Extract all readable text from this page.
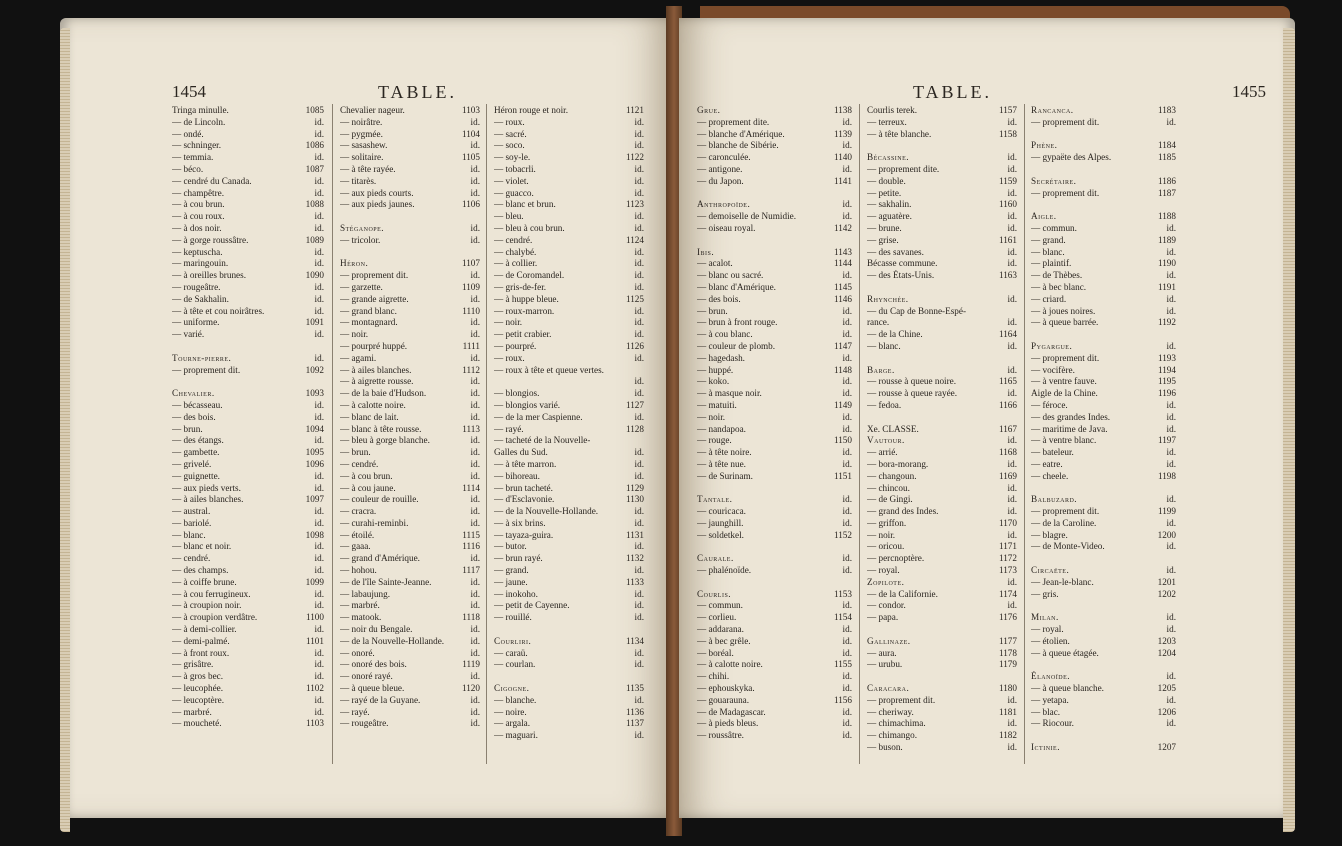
1454	TABLE.
Tringa minulle.	1085
— de Lincoln.	id.
— ondé.	id.
— schninger.	1086
— temmia.	id.
— béco.	1087
— cendré du Canada.	id.
— champêtre.	id.
— à cou brun.	1088
— à cou roux.	id.
— à dos noir.	id.
— à gorge roussâtre.	1089
— keptuscha.	id.
— maringouin.	id.
— à oreilles brunes.	1090
— rougeâtre.	id.
— de Sakhalin.	id.
— à tête et cou noirâtres.	id.
— uniforme.	1091
— varié.	id.
Tourne-pierre.	id.
— proprement dit.	1092
Chevalier.	1093
— bécasseau.	id.
— des bois.	id.
— brun.	1094
— des étangs.	id.
— gambette.	1095
— grivelé.	1096
— guignette.	id.
— aux pieds verts.	id.
— à ailes blanches.	1097
— austral.	id.
— bariolé.	id.
— blanc.	1098
— blanc et noir.	id.
— cendré.	id.
— des champs.	id.
— à coiffe brune.	1099
— à cou ferrugineux.	id.
— à croupion noir.	id.
— à croupion verdâtre.	1100
— à demi-collier.	id.
— demi-palmé.	1101
— à front roux.	id.
— grisâtre.	id.
— à gros bec.	id.
— leucophée.	1102
— leucoptère.	id.
— marbré.	id.
— moucheté.	1103
Chevalier nageur.	1103
— noirâtre.	id.
— pygmée.	1104
— sasashew.	id.
— solitaire.	1105
— à tête rayée.	id.
— titarès.	id.
— aux pieds courts.	id.
— aux pieds jaunes.	1106
Stéganope.	id.
— tricolor.	id.
Héron.	1107
— proprement dit.	id.
— garzette.	1109
— grande aigrette.	id.
— grand blanc.	1110
— montagnard.	id.
— noir.	id.
— pourpré huppé.	1111
— agami.	id.
— à ailes blanches.	1112
— à aigrette rousse.	id.
— de la baie d'Hudson.	id.
— à calotte noire.	id.
— blanc de lait.	id.
— blanc à tête rousse.	1113
— bleu à gorge blanche.	id.
— brun.	id.
— cendré.	id.
— à cou brun.	id.
— à cou jaune.	1114
— couleur de rouille.	id.
— cracra.	id.
— curahi-reminbi.	id.
— étoilé.	1115
— gaaa.	1116
— grand d'Amérique.	id.
— hohou.	1117
— de l'île Sainte-Jeanne.	id.
— labaujung.	id.
— marbré.	id.
— matook.	1118
— noir du Bengale.	id.
— de la Nouvelle-Hollande.	id.
— onoré.	id.
— onoré des bois.	1119
— onoré rayé.	id.
— à queue bleue.	1120
— rayé de la Guyane.	id.
— rayé.	id.
— rougeâtre.	id.
Héron rouge et noir.	1121
— roux.	id.
— sacré.	id.
— soco.	id.
— soy-le.	1122
— tobacrli.	id.
— violet.	id.
— guacco.	id.
— blanc et brun.	1123
— bleu.	id.
— bleu à cou brun.	id.
— cendré.	1124
— chalybé.	id.
— à collier.	id.
— de Coromandel.	id.
— gris-de-fer.	id.
— à huppe bleue.	1125
— roux-marron.	id.
— noir.	id.
— petit crabier.	id.
— pourpré.	1126
— roux.	id.
— roux à tête et queue vertes.
id.
— blongios.	id.
— blongios varié.	1127
— de la mer Caspienne.	id.
— rayé.	1128
— tacheté de la Nouvelle-
Galles du Sud.	id.
— à tête marron.	id.
— bihoreau.	id.
— brun tacheté.	1129
— d'Esclavonie.	1130
— de la Nouvelle-Hollande.	id.
— à six brins.	id.
— tayaza-guira.	1131
— butor.	id.
— brun rayé.	1132
— grand.	id.
— jaune.	1133
— inokoho.	id.
— petit de Cayenne.	id.
— rouillé.	id.
Courliri.	1134
— caraü.	id.
— courlan.	id.
Cigogne.	1135
— blanche.	id.
— noire.	1136
— argala.	1137
— maguari.	id.
TABLE.	1455
Grue.	1138
— proprement dite.	id.
— blanche d'Amérique.	1139
— blanche de Sibérie.	id.
— caronculée.	1140
— antigone.	id.
— du Japon.	1141
Anthropoïde.	id.
— demoiselle de Numidie.	id.
— oiseau royal.	1142
Ibis.	1143
— acalot.	1144
— blanc ou sacré.	id.
— blanc d'Amérique.	1145
— des bois.	1146
— brun.	id.
— brun à front rouge.	id.
— à cou blanc.	id.
— couleur de plomb.	1147
— hagedash.	id.
— huppé.	1148
— koko.	id.
— à masque noir.	id.
— matuiti.	1149
— noir.	id.
— nandapoa.	id.
— rouge.	1150
— à tête noire.	id.
— à tête nue.	id.
— de Surinam.	1151
Tantale.	id.
— couricaca.	id.
— jaunghill.	id.
— soldetkel.	1152
Caurale.	id.
— phalénoïde.	id.
Courlis.	1153
— commun.	id.
— corlieu.	1154
— addarana.	id.
— à bec grêle.	id.
— boréal.	id.
— à calotte noire.	1155
— chihi.	id.
— ephouskyka.	id.
— gouarauna.	1156
— de Madagascar.	id.
— à pieds bleus.	id.
— roussâtre.	id.
Courlis terek.	1157
— terreux.	id.
— à tête blanche.	1158
Bécassine.	id.
— proprement dite.	id.
— double.	1159
— petite.	id.
— sakhalin.	1160
— aguatère.	id.
— brune.	id.
— grise.	1161
— des savanes.	id.
Bécasse commune.	id.
— des États-Unis.	1163
Rhynchée.	id.
— du Cap de Bonne-Espé-
rance.	id.
— de la Chine.	1164
— blanc.	id.
Barge.	id.
— rousse à queue noire.	1165
— rousse à queue rayée.	id.
— fedoa.	1166
Xe. CLASSE.	1167
Vautour.	id.
— arrié.	1168
— bora-morang.	id.
— changoun.	1169
— chincou.	id.
— de Gingi.	id.
— grand des Indes.	id.
— griffon.	1170
— noir.	id.
— oricou.	1171
— percnoptère.	1172
— royal.	1173
Zopilote.	id.
— de la Californie.	1174
— condor.	id.
— papa.	1176
Gallinaze.	1177
— aura.	1178
— urubu.	1179
Caracara.	1180
— proprement dit.	id.
— cheriway.	1181
— chimachima.	id.
— chimango.	1182
— buson.	id.
Rancanca.	1183
— proprement dit.	id.
Phène.	1184
— gypaëte des Alpes.	1185
Secrétaire.	1186
— proprement dit.	1187
Aigle.	1188
— commun.	id.
— grand.	1189
— blanc.	id.
— plaintif.	1190
— de Thèbes.	id.
— à bec blanc.	1191
— criard.	id.
— à joues noires.	id.
— à queue barrée.	1192
Pygargue.	id.
— proprement dit.	1193
— vocifère.	1194
— à ventre fauve.	1195
Aigle de la Chine.	1196
— féroce.	id.
— des grandes Indes.	id.
— maritime de Java.	id.
— à ventre blanc.	1197
— bateleur.	id.
— eatre.	id.
— cheele.	1198
Balbuzard.	id.
— proprement dit.	1199
— de la Caroline.	id.
— blagre.	1200
— de Monte-Video.	id.
Circaëte.	id.
— Jean-le-blanc.	1201
— gris.	1202
Milan.	id.
— royal.	id.
— étolien.	1203
— à queue étagée.	1204
Élanoïde.	id.
— à queue blanche.	1205
— yetapa.	id.
— blac.	1206
— Riocour.	id.
Ictinie.	1207
